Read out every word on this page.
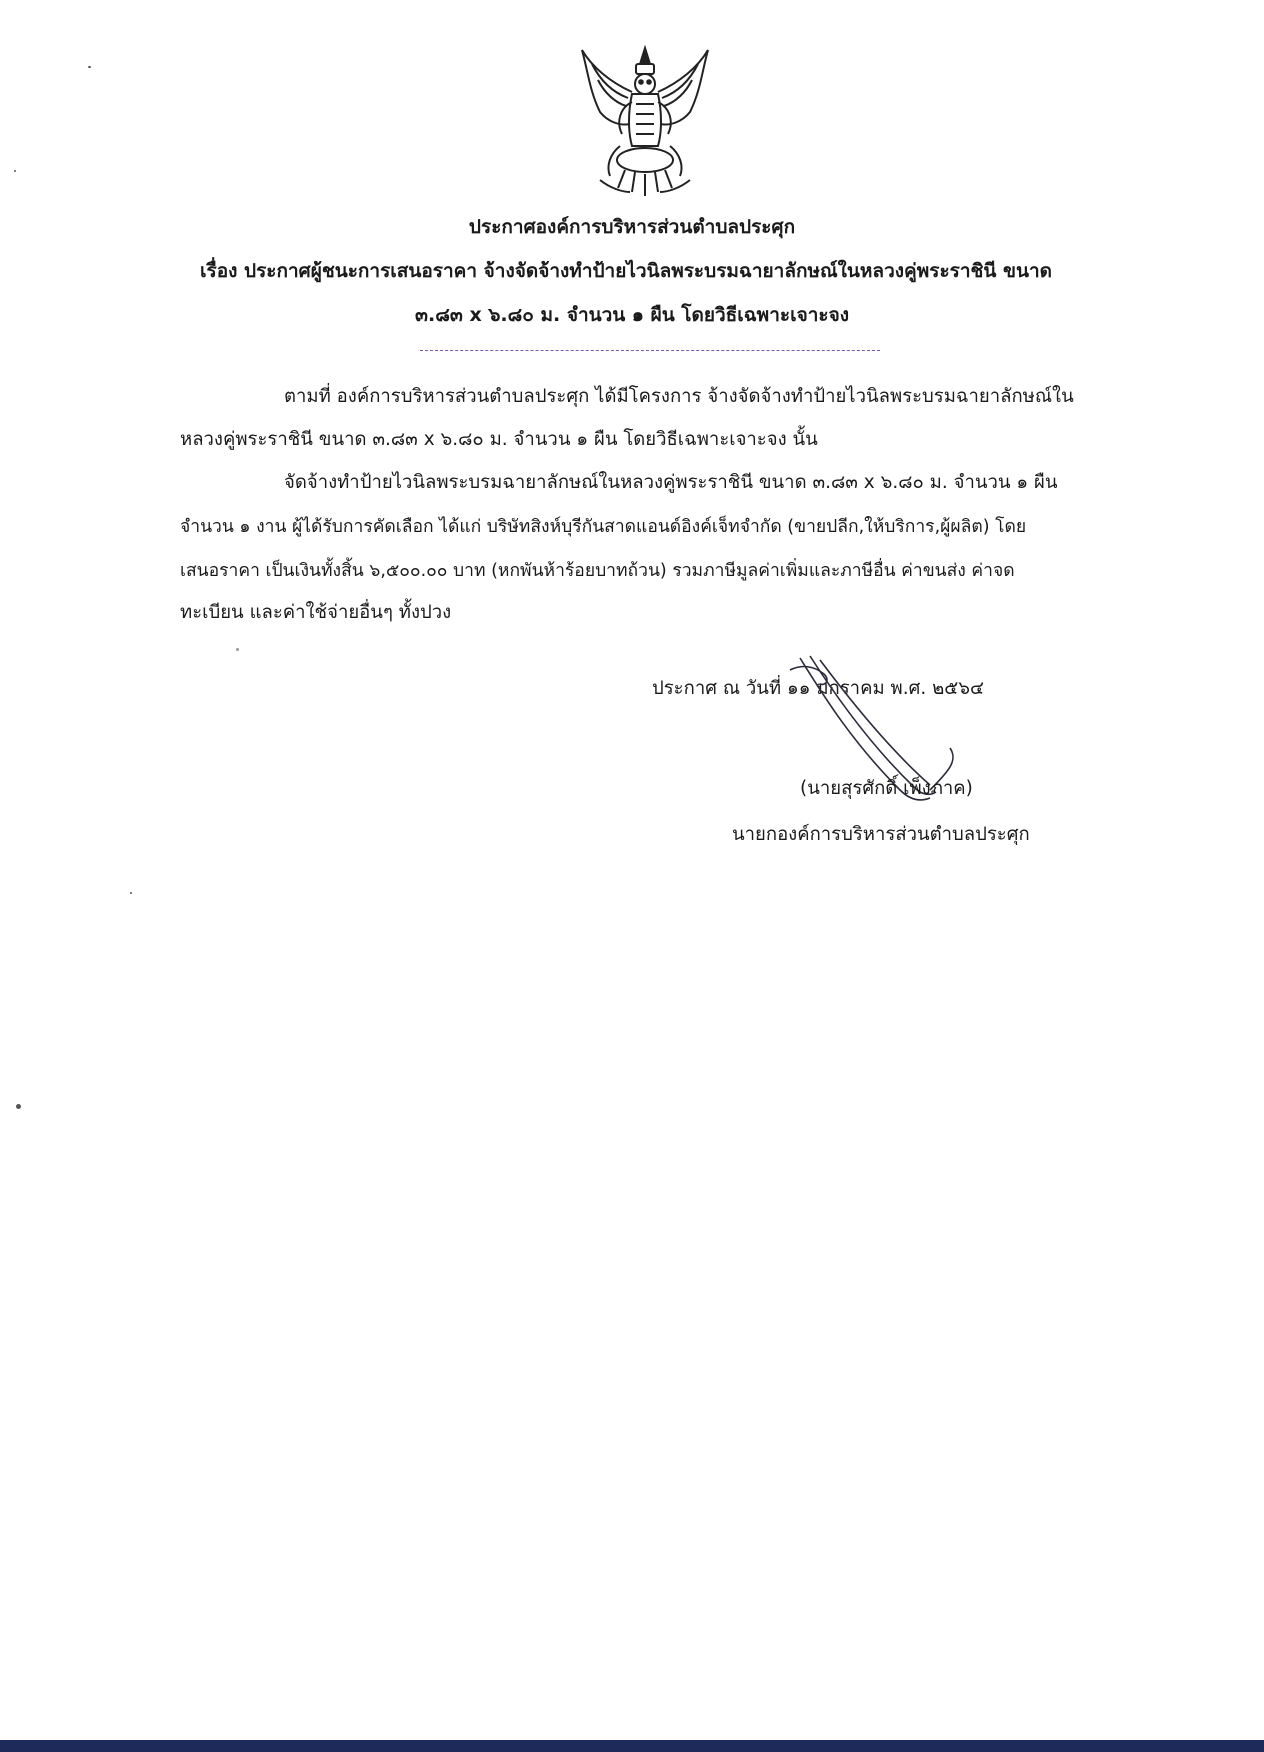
ประกาศองค์การบริหารส่วนตำบลประศุก
เรื่อง ประกาศผู้ชนะการเสนอราคา จ้างจัดจ้างทำป้ายไวนิลพระบรมฉายาลักษณ์ในหลวงคู่พระราชินี ขนาด
๓.๘๓ x ๖.๘๐ ม. จำนวน ๑ ผืน โดยวิธีเฉพาะเจาะจง
ตามที่ องค์การบริหารส่วนตำบลประศุก ได้มีโครงการ จ้างจัดจ้างทำป้ายไวนิลพระบรมฉายาลักษณ์ใน
หลวงคู่พระราชินี ขนาด ๓.๘๓ x ๖.๘๐ ม. จำนวน ๑ ผืน โดยวิธีเฉพาะเจาะจง นั้น
จัดจ้างทำป้ายไวนิลพระบรมฉายาลักษณ์ในหลวงคู่พระราชินี ขนาด ๓.๘๓ x ๖.๘๐ ม. จำนวน ๑ ผืน
จำนวน ๑ งาน ผู้ได้รับการคัดเลือก ได้แก่ บริษัทสิงห์บุรีกันสาดแอนด์อิงค์เจ็ทจำกัด (ขายปลีก,ให้บริการ,ผู้ผลิต) โดย
เสนอราคา เป็นเงินทั้งสิ้น ๖,๕๐๐.๐๐ บาท (หกพันห้าร้อยบาทถ้วน) รวมภาษีมูลค่าเพิ่มและภาษีอื่น ค่าขนส่ง ค่าจด
ทะเบียน และค่าใช้จ่ายอื่นๆ ทั้งปวง
ประกาศ ณ วันที่ ๑๑ มกราคม พ.ศ. ๒๕๖๔
(นายสุรศักดิ์ เพ็งภาค)
นายกองค์การบริหารส่วนตำบลประศุก
